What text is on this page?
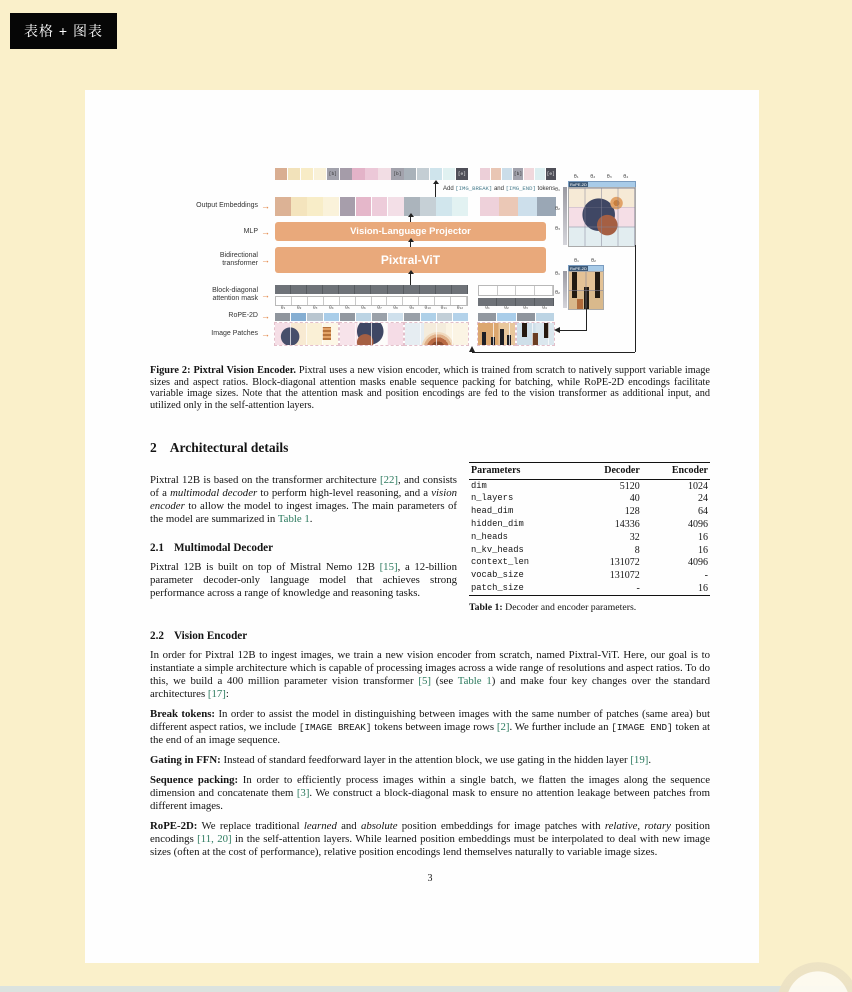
表格 + 图表
Output Embeddings →
MLP →
Bidirectional transformer →
Block-diagonal attention mask →
RoPE-2D →
Image Patches →
[b]	[b]	[e]	[b]	[e]
Add [IMG_BREAK] and [IMG_END] tokens
Vision-Language Projector
Pixtral-ViT
θ₁	θ₂	θ₃	θ₄	θ₅	θ₆	θ₇	θ₈	θ₉	θ₁₀	θ₁₁	θ₁₂	θ₁	θ₂	θ₃	θ₄
θ₁	θ₂	θ₃	θ₄
RoPE-2D
θ₁
θ₂
θ₃
θ₁	θ₂
RoPE-2D
θ₁
θ₂
Figure 2: Pixtral Vision Encoder. Pixtral uses a new vision encoder, which is trained from scratch to natively support variable image sizes and aspect ratios. Block-diagonal attention masks enable sequence packing for batching, while RoPE-2D encodings facilitate variable image sizes. Note that the attention mask and position encodings are fed to the vision transformer as additional input, and utilized only in the self-attention layers.
2 Architectural details

Pixtral 12B is based on the transformer architecture [22], and consists of a multimodal decoder to perform high-level reasoning, and a vision encoder to allow the model to ingest images. The main parameters of the model are summarized in Table 1.

2.1 Multimodal Decoder

Pixtral 12B is built on top of Mistral Nemo 12B [15], a 12-billion parameter decoder-only language model that achieves strong performance across a range of knowledge and reasoning tasks.

Parameters	Decoder	Encoder
dim	5120	1024
n_layers	40	24
head_dim	128	64
hidden_dim	14336	4096
n_heads	32	16
n_kv_heads	8	16
context_len	131072	4096
vocab_size	131072	-
patch_size	-	16
Table 1: Decoder and encoder parameters.
2.2 Vision Encoder

In order for Pixtral 12B to ingest images, we train a new vision encoder from scratch, named Pixtral-ViT. Here, our goal is to instantiate a simple architecture which is capable of processing images across a wide range of resolutions and aspect ratios. To do this, we build a 400 million parameter vision transformer [5] (see Table 1) and make four key changes over the standard architectures [17]:

Break tokens: In order to assist the model in distinguishing between images with the same number of patches (same area) but different aspect ratios, we include [IMAGE BREAK] tokens between image rows [2]. We further include an [IMAGE END] token at the end of an image sequence.

Gating in FFN: Instead of standard feedforward layer in the attention block, we use gating in the hidden layer [19].

Sequence packing: In order to efficiently process images within a single batch, we flatten the images along the sequence dimension and concatenate them [3]. We construct a block-diagonal mask to ensure no attention leakage between patches from different images.

RoPE-2D: We replace traditional learned and absolute position embeddings for image patches with relative, rotary position encodings [11, 20] in the self-attention layers. While learned position embeddings must be interpolated to deal with new image sizes (often at the cost of performance), relative position encodings lend themselves naturally to variable image sizes.

3
